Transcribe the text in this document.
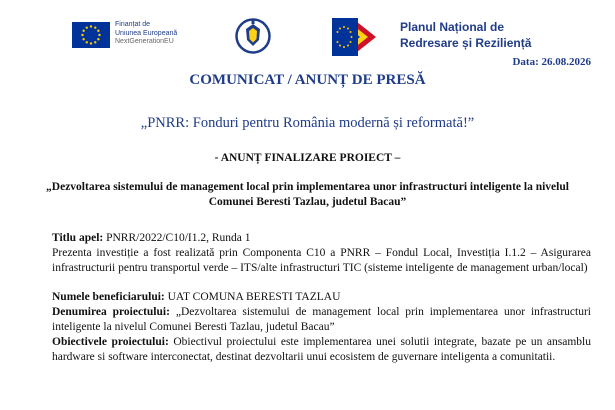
Finanțat de
Uniunea Europeană
NextGenerationEU
Planul Național de
Redresare și Reziliență
Data: 26.08.2026
COMUNICAT / ANUNȚ DE PRESĂ
„PNRR: Fonduri pentru România modernă și reformată!”
- ANUNȚ FINALIZARE PROIECT –
„Dezvoltarea sistemului de management local prin implementarea unor infrastructuri inteligente la nivelul Comunei Beresti Tazlau, judetul Bacau”

Titlu apel: PNRR/2022/C10/I1.2, Runda 1

Prezenta investiție a fost realizată prin Componenta C10 a PNRR – Fondul Local, Investiția I.1.2 – Asigurarea infrastructurii pentru transportul verde – ITS/alte infrastructuri TIC (sisteme inteligente de management urban/local)

Numele beneficiarului: UAT COMUNA BERESTI TAZLAU

Denumirea proiectului: „Dezvoltarea sistemului de management local prin implementarea unor infrastructuri inteligente la nivelul Comunei Beresti Tazlau, judetul Bacau”

Obiectivele proiectului: Obiectivul proiectului este implementarea unei solutii integrate, bazate pe un ansamblu hardware si software interconectat, destinat dezvoltarii unui ecosistem de guvernare inteligenta a comunitatii.
